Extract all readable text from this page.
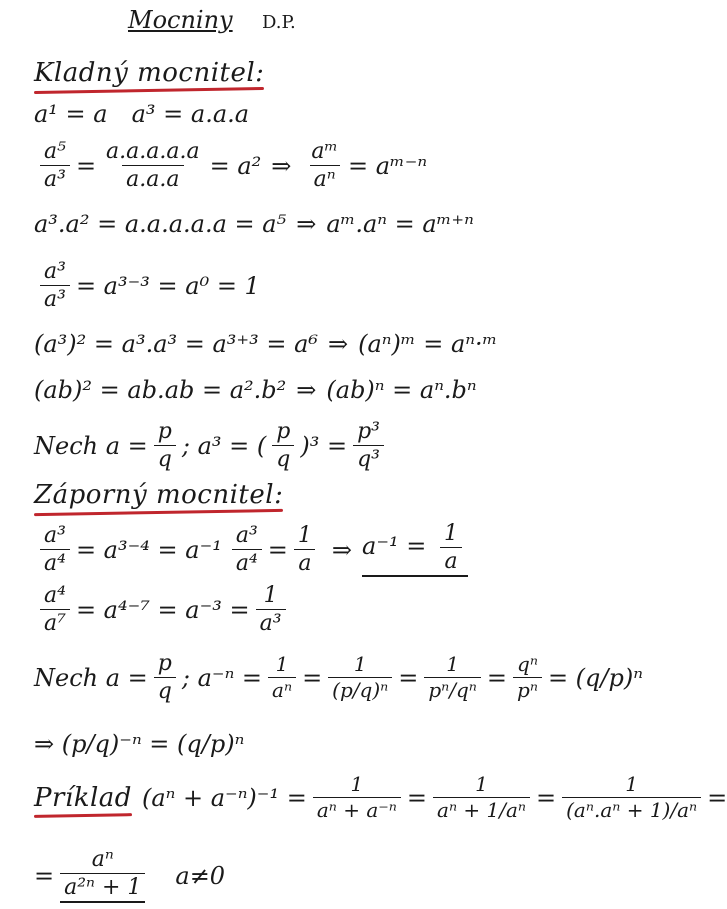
Mocniny D.P.
Kladný mocnitel:
a¹ = a a³ = a.a.a
$\frac{\text{a⁵}}{\text{a³}} = \frac{a.a.a.a.a}{a.a.a} = a^2$ ⇒ $\frac{\text{aᵐ}}{\text{aⁿ}}$ = aᵐ⁻ⁿ
a³.a² = a.a.a.a.a = a⁵ ⇒ aᵐ.aⁿ = aᵐ⁺ⁿ
$\frac{\text{a³}}{\text{a³}} = a^{3-3} = a^0 = 1$
(a³)² = a³.a³ = a³⁺³ = a⁶ ⇒ (aⁿ)ᵐ = aⁿ·ᵐ
(ab)² = ab.ab = a².b² ⇒ (ab)ⁿ = aⁿ.bⁿ
Nech $a = \frac{p}{q}$ ; a³ = ( $\frac{p}{q} )^3 = \frac{\text{p³}}{\text{q³}}$
Záporný mocnitel:
$\frac{\text{a³}}{\text{a⁴}} = a^{3-4} = a^{-1} \frac{\text{a³}}{\text{a⁴}} = \frac{1}{a}$ ⇒ $a^{-1} = \frac{1}{a}$
$\frac{\text{a⁴}}{\text{a⁷}} = a^{4-7} = a^{-3} = \frac{1}{\text{a³}}$
Nech $a = \frac{p}{q}$ ; $a^{-n} = \frac{1}{\text{aⁿ}} = \frac{1}{\text{(p/q)ⁿ}} = \frac{1}{\text{pⁿ/qⁿ}} = \frac{\text{qⁿ}}{\text{pⁿ}} = (q/p)^n$
⇒ (p/q)⁻ⁿ = (q/p)ⁿ
Príklad $(a^n + a^{-n})^{-1} = \frac{1}{\text{aⁿ + a⁻ⁿ}} = \frac{1}{\text{aⁿ + 1/aⁿ}} = \frac{1}{\text{(aⁿ.aⁿ + 1)/aⁿ}}$ =
= $\frac{\text{aⁿ}}{\text{a²ⁿ + 1}} a\ne 0$
